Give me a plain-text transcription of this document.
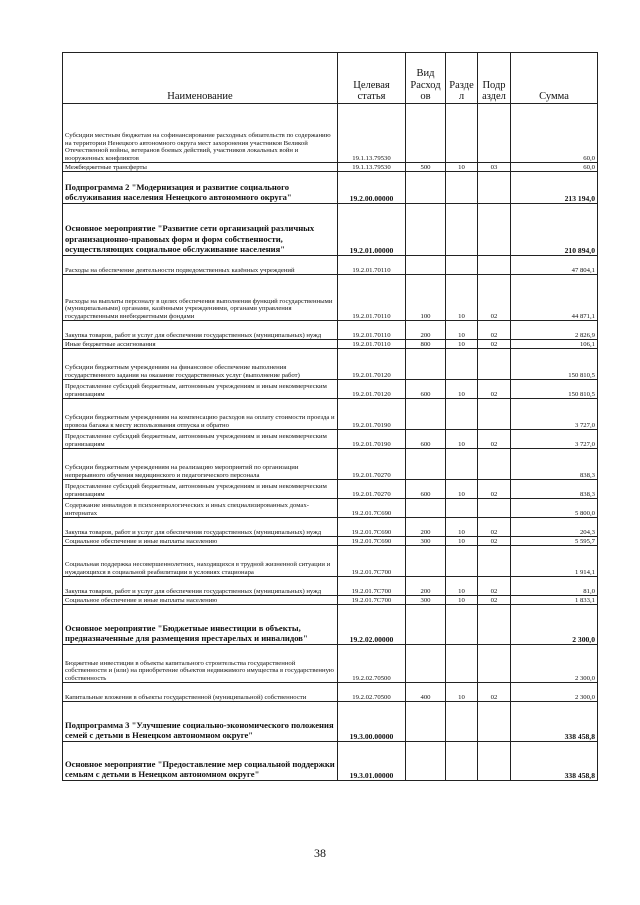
Наименование	Целевая статья	Вид Расход ов	Разде л	Подр аздел	Сумма
Субсидии местным бюджетам на софинансирование расходных обязательств по содержанию на территории Ненецкого автономного округа мест захоронения участников Великой Отечественной войны, ветеранов боевых действий, участников локальных войн и вооруженных конфликтов	19.1.13.79530				60,0
Межбюджетные трансферты	19.1.13.79530	500	10	03	60,0
Подпрограмма 2 "Модернизация и развитие социального обслуживания населения Ненецкого автономного округа"	19.2.00.00000				213 194,0
Основное мероприятие "Развитие сети организаций различных организационно-правовых форм и форм собственности, осуществляющих социальное обслуживание населения"	19.2.01.00000				210 894,0
Расходы на обеспечение деятельности подведомственных казённых учреждений	19.2.01.70110				47 804,1
Расходы на выплаты персоналу в целях обеспечения выполнения функций государственными (муниципальными) органами, казёнными учреждениями, органами управления государственными внебюджетными фондами	19.2.01.70110	100	10	02	44 871,1
Закупка товаров, работ и услуг для обеспечения государственных (муниципальных) нужд	19.2.01.70110	200	10	02	2 826,9
Иные бюджетные ассигнования	19.2.01.70110	800	10	02	106,1
Субсидии бюджетным учреждениям на финансовое обеспечение выполнения государственного задания на оказание государственных услуг (выполнение работ)	19.2.01.70120				150 810,5
Предоставление субсидий бюджетным, автономным учреждениям и иным некоммерческим организациям	19.2.01.70120	600	10	02	150 810,5
Субсидии бюджетным учреждениям на компенсацию расходов на оплату стоимости проезда и провоза багажа к месту использования отпуска и обратно	19.2.01.70190				3 727,0
Предоставление субсидий бюджетным, автономным учреждениям и иным некоммерческим организациям	19.2.01.70190	600	10	02	3 727,0
Субсидии бюджетным учреждениям на реализацию мероприятий по организации непрерывного обучения медицинского и педагогического персонала	19.2.01.70270				838,3
Предоставление субсидий бюджетным, автономным учреждениям и иным некоммерческим организациям	19.2.01.70270	600	10	02	838,3
Содержание инвалидов в психоневрологических и иных специализированных домах-интернатах	19.2.01.7С690				5 800,0
Закупка товаров, работ и услуг для обеспечения государственных (муниципальных) нужд	19.2.01.7С690	200	10	02	204,3
Социальное обеспечение и иные выплаты населению	19.2.01.7С690	300	10	02	5 595,7
Социальная поддержка несовершеннолетних, находящихся в трудной жизненной ситуации и нуждающихся в социальной реабилитации в условиях стационара	19.2.01.7С700				1 914,1
Закупка товаров, работ и услуг для обеспечения государственных (муниципальных) нужд	19.2.01.7С700	200	10	02	81,0
Социальное обеспечение и иные выплаты населению	19.2.01.7С700	300	10	02	1 833,1
Основное мероприятие "Бюджетные инвестиции в объекты, предназначенные для размещения престарелых и инвалидов"	19.2.02.00000				2 300,0
Бюджетные инвестиции в объекты капитального строительства государственной собственности и (или) на приобретение объектов недвижимого имущества в государственную собственность	19.2.02.70500				2 300,0
Капитальные вложения в объекты государственной (муниципальной) собственности	19.2.02.70500	400	10	02	2 300,0
Подпрограмма 3 "Улучшение социально-экономического положения семей с детьми в Ненецком автономном округе"	19.3.00.00000				338 458,8
Основное мероприятие "Предоставление мер социальной поддержки семьям с детьми в Ненецком автономном округе"	19.3.01.00000				338 458,8
38
